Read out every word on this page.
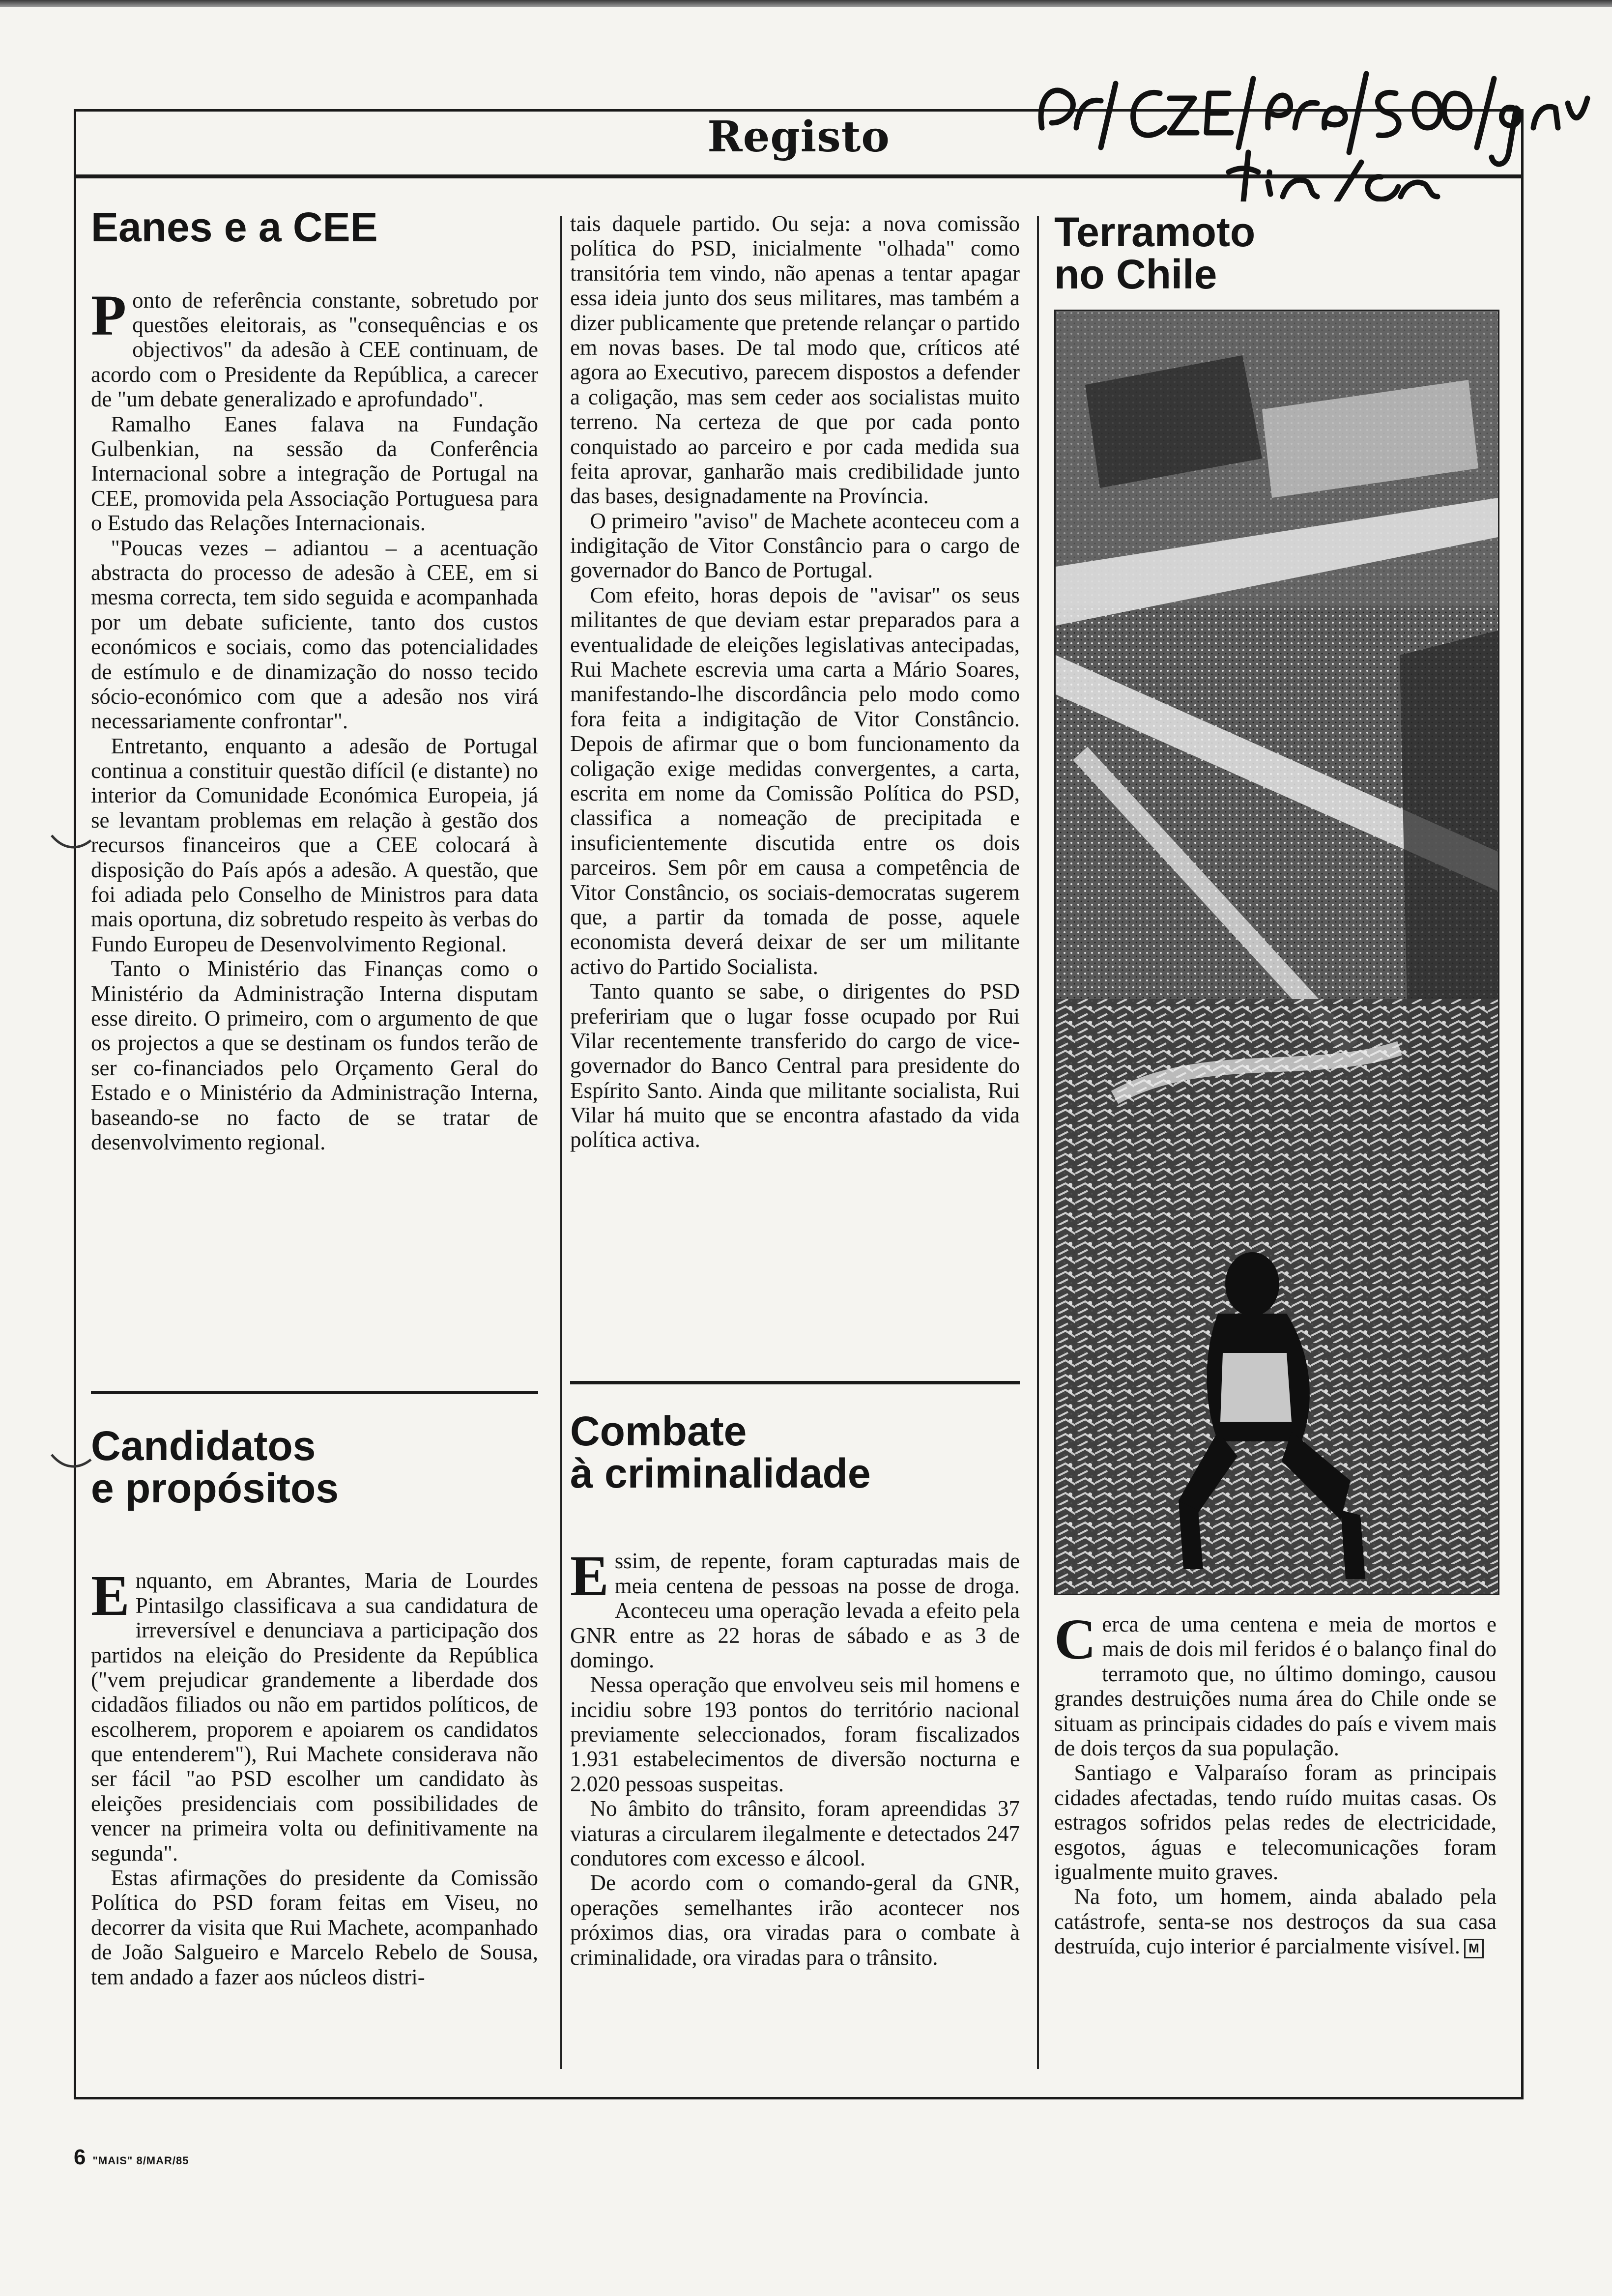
Registo
Eanes e a CEE

Ponto de referência constante, sobretudo por questões eleitorais, as "consequências e os objectivos" da adesão à CEE continuam, de acordo com o Presidente da República, a carecer de "um debate generalizado e aprofundado".

Ramalho Eanes falava na Fundação Gulbenkian, na sessão da Conferência Internacional sobre a integração de Portugal na CEE, promovida pela Associação Portuguesa para o Estudo das Relações Internacionais.

"Poucas vezes – adiantou – a acentuação abstracta do processo de adesão à CEE, em si mesma correcta, tem sido seguida e acompanhada por um debate suficiente, tanto dos custos económicos e sociais, como das potencialidades de estímulo e de dinamização do nosso tecido sócio-económico com que a adesão nos virá necessariamente confrontar".

Entretanto, enquanto a adesão de Portugal continua a constituir questão difícil (e distante) no interior da Comunidade Económica Europeia, já se levantam problemas em relação à gestão dos recursos financeiros que a CEE colocará à disposição do País após a adesão. A questão, que foi adiada pelo Conselho de Ministros para data mais oportuna, diz sobretudo respeito às verbas do Fundo Europeu de Desenvolvimento Regional.

Tanto o Ministério das Finanças como o Ministério da Administração Interna disputam esse direito. O primeiro, com o argumento de que os projectos a que se destinam os fundos terão de ser co-financiados pelo Orçamento Geral do Estado e o Ministério da Administração Interna, baseando-se no facto de se tratar de desenvolvimento regional.

Candidatos
e propósitos

Enquanto, em Abrantes, Maria de Lourdes Pintasilgo classificava a sua candidatura de irreversível e denunciava a participação dos partidos na eleição do Presidente da República ("vem prejudicar grandemente a liberdade dos cidadãos filiados ou não em partidos políticos, de escolherem, proporem e apoiarem os candidatos que entenderem"), Rui Machete considerava não ser fácil "ao PSD escolher um candidato às eleições presidenciais com possibilidades de vencer na primeira volta ou definitivamente na segunda".

Estas afirmações do presidente da Comissão Política do PSD foram feitas em Viseu, no decorrer da visita que Rui Machete, acompanhado de João Salgueiro e Marcelo Rebelo de Sousa, tem andado a fazer aos núcleos distri-

tais daquele partido. Ou seja: a nova comissão política do PSD, inicialmente "olhada" como transitória tem vindo, não apenas a tentar apagar essa ideia junto dos seus militares, mas também a dizer publicamente que pretende relançar o partido em novas bases. De tal modo que, críticos até agora ao Executivo, parecem dispostos a defender a coligação, mas sem ceder aos socialistas muito terreno. Na certeza de que por cada ponto conquistado ao parceiro e por cada medida sua feita aprovar, ganharão mais credibilidade junto das bases, designadamente na Província.

O primeiro "aviso" de Machete aconteceu com a indigitação de Vitor Constâncio para o cargo de governador do Banco de Portugal.

Com efeito, horas depois de "avisar" os seus militantes de que deviam estar preparados para a eventualidade de eleições legislativas antecipadas, Rui Machete escrevia uma carta a Mário Soares, manifestando-lhe discordância pelo modo como fora feita a indigitação de Vitor Constâncio. Depois de afirmar que o bom funcionamento da coligação exige medidas convergentes, a carta, escrita em nome da Comissão Política do PSD, classifica a nomeação de precipitada e insuficientemente discutida entre os dois parceiros. Sem pôr em causa a competência de Vitor Constâncio, os sociais-democratas sugerem que, a partir da tomada de posse, aquele economista deverá deixar de ser um militante activo do Partido Socialista.

Tanto quanto se sabe, o dirigentes do PSD prefeririam que o lugar fosse ocupado por Rui Vilar recentemente transferido do cargo de vice-governador do Banco Central para presidente do Espírito Santo. Ainda que militante socialista, Rui Vilar há muito que se encontra afastado da vida política activa.

Combate
à criminalidade

Essim, de repente, foram capturadas mais de meia centena de pessoas na posse de droga. Aconteceu uma operação levada a efeito pela GNR entre as 22 horas de sábado e as 3 de domingo.

Nessa operação que envolveu seis mil homens e incidiu sobre 193 pontos do território nacional previamente seleccionados, foram fiscalizados 1.931 estabelecimentos de diversão nocturna e 2.020 pessoas suspeitas.

No âmbito do trânsito, foram apreendidas 37 viaturas a circularem ilegalmente e detectados 247 condutores com excesso e álcool.

De acordo com o comando-geral da GNR, operações semelhantes irão acontecer nos próximos dias, ora viradas para o combate à criminalidade, ora viradas para o trânsito.

Terramoto
no Chile

Cerca de uma centena e meia de mortos e mais de dois mil feridos é o balanço final do terramoto que, no último domingo, causou grandes destruições numa área do Chile onde se situam as principais cidades do país e vivem mais de dois terços da sua população.

Santiago e Valparaíso foram as principais cidades afectadas, tendo ruído muitas casas. Os estragos sofridos pelas redes de electricidade, esgotos, águas e telecomunicações foram igualmente muito graves.

Na foto, um homem, ainda abalado pela catástrofe, senta-se nos destroços da sua casa destruída, cujo interior é parcialmente visível. M

6 "MAIS" 8/MAR/85
